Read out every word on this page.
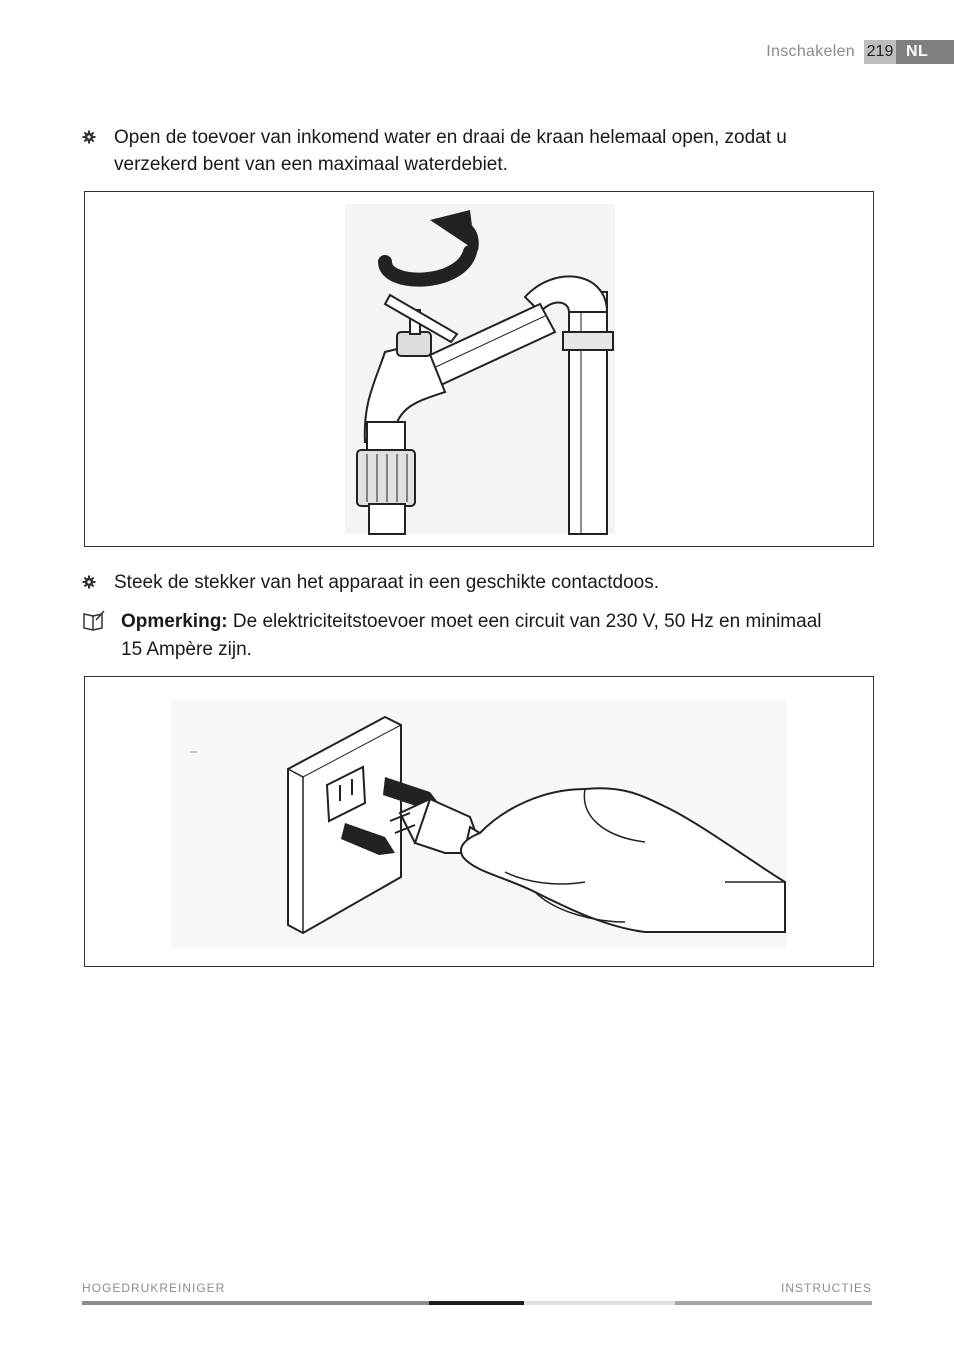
Inschakelen 219 NL
Open de toevoer van inkomend water en draai de kraan helemaal open, zodat u verzekerd bent van een maximaal waterdebiet.
Steek de stekker van het apparaat in een geschikte contactdoos.
Opmerking: De elektriciteitstoevoer moet een circuit van 230 V, 50 Hz en minimaal
15 Ampère zijn.
HOGEDRUKREINIGER	INSTRUCTIES
